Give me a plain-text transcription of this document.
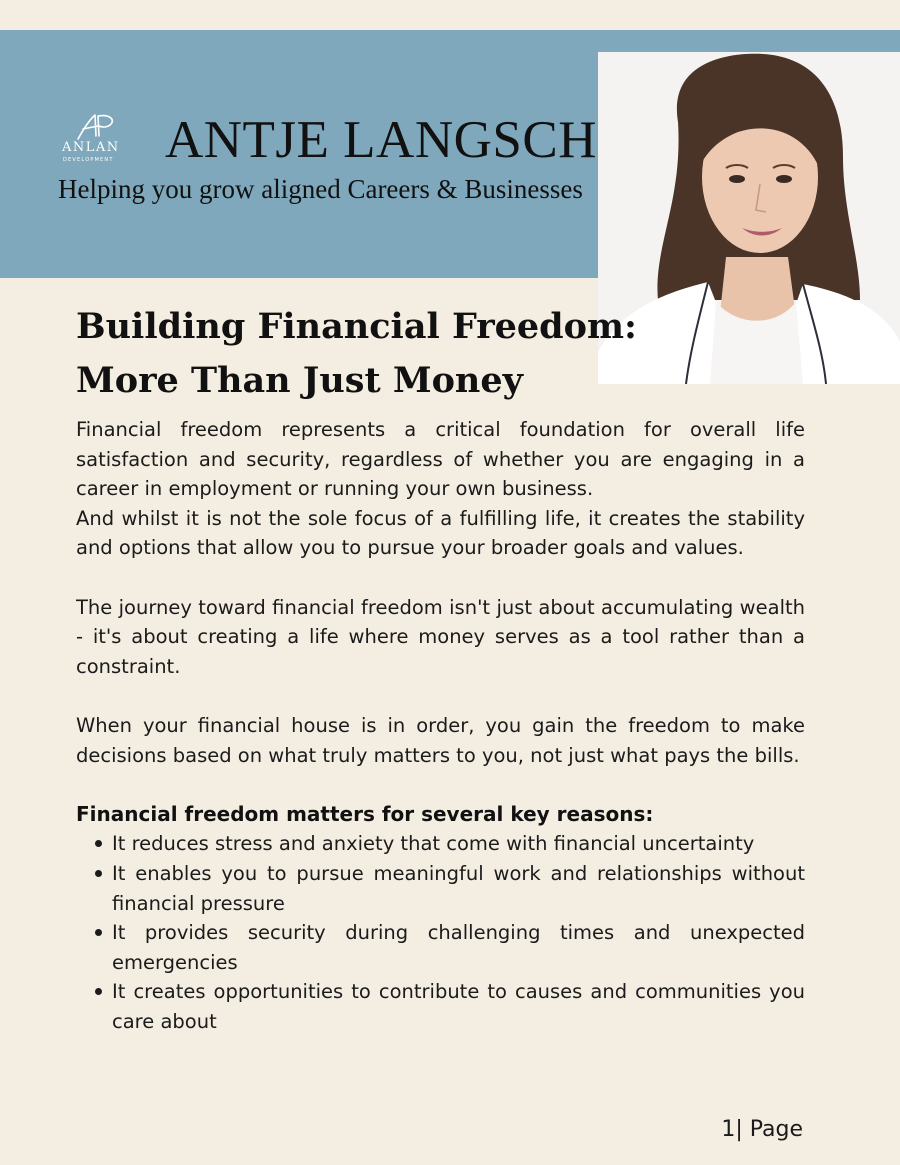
ANLAN
DEVELOPMENT ANTJE LANGSCH

Helping you grow aligned Careers & Businesses

Building Financial Freedom:
More Than Just Money

Financial freedom represents a critical foundation for overall life satisfaction and security, regardless of whether you are engaging in a career in employment or running your own business.

And whilst it is not the sole focus of a fulfilling life, it creates the stability and options that allow you to pursue your broader goals and values.

The journey toward financial freedom isn't just about accumulating wealth - it's about creating a life where money serves as a tool rather than a constraint.

When your financial house is in order, you gain the freedom to make decisions based on what truly matters to you, not just what pays the bills.

Financial freedom matters for several key reasons:
It reduces stress and anxiety that come with financial uncertainty
It enables you to pursue meaningful work and relationships without financial pressure
It provides security during challenging times and unexpected emergencies
It creates opportunities to contribute to causes and communities you care about
1| Page
